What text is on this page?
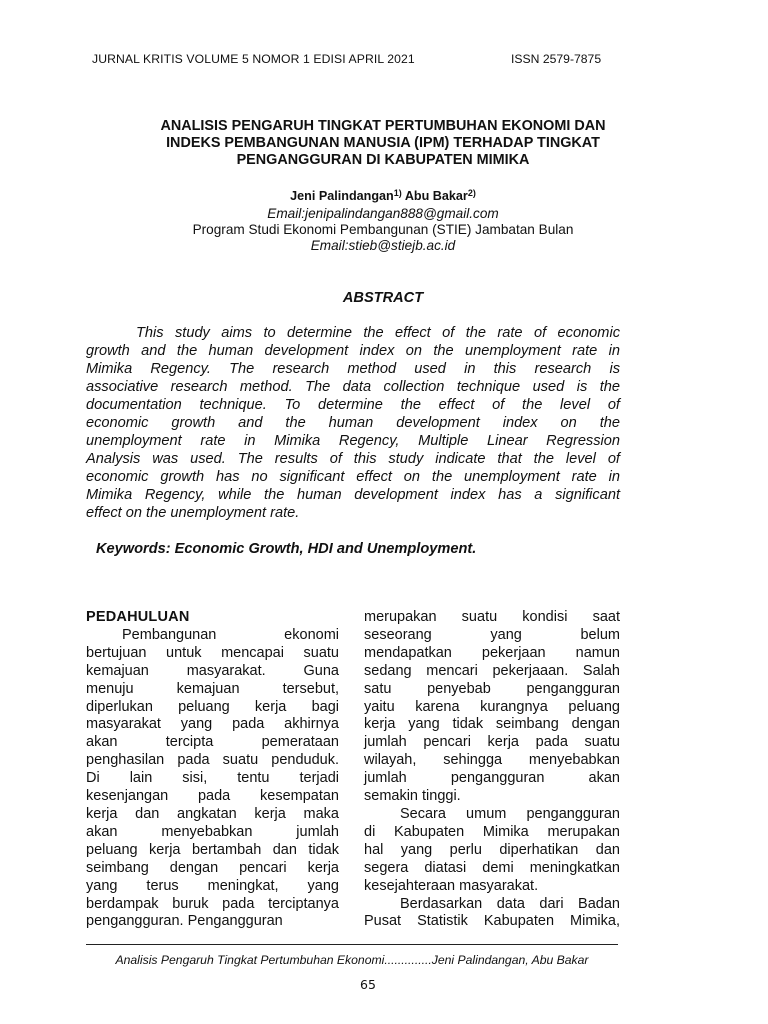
JURNAL KRITIS VOLUME 5 NOMOR 1 EDISI APRIL 2021	ISSN 2579-7875
ANALISIS PENGARUH TINGKAT PERTUMBUHAN EKONOMI DAN
INDEKS PEMBANGUNAN MANUSIA (IPM) TERHADAP TINGKAT
PENGANGGURAN DI KABUPATEN MIMIKA
Jeni Palindangan$^{1)}$ Abu Bakar$^{2)}$
Email:jenipalindangan888@gmail.com
Program Studi Ekonomi Pembangunan (STIE) Jambatan Bulan
Email:stieb@stiejb.ac.id
ABSTRACT
This study aims to determine the effect of the rate of economic
growth and the human development index on the unemployment rate in
Mimika Regency. The research method used in this research is
associative research method. The data collection technique used is the
documentation technique. To determine the effect of the level of
economic growth and the human development index on the
unemployment rate in Mimika Regency, Multiple Linear Regression
Analysis was used. The results of this study indicate that the level of
economic growth has no significant effect on the unemployment rate in
Mimika Regency, while the human development index has a significant
effect on the unemployment rate.
Keywords: Economic Growth, HDI and Unemployment.
PEDAHULUAN
Pembangunan ekonomi
bertujuan untuk mencapai suatu
kemajuan masyarakat. Guna
menuju kemajuan tersebut,
diperlukan peluang kerja bagi
masyarakat yang pada akhirnya
akan tercipta pemerataan
penghasilan pada suatu penduduk.
Di lain sisi, tentu terjadi
kesenjangan pada kesempatan
kerja dan angkatan kerja maka
akan menyebabkan jumlah
peluang kerja bertambah dan tidak
seimbang dengan pencari kerja
yang terus meningkat, yang
berdampak buruk pada terciptanya
pengangguran. Pengangguran
merupakan suatu kondisi saat
seseorang yang belum
mendapatkan pekerjaan namun
sedang mencari pekerjaaan. Salah
satu penyebab pengangguran
yaitu karena kurangnya peluang
kerja yang tidak seimbang dengan
jumlah pencari kerja pada suatu
wilayah, sehingga menyebabkan
jumlah pengangguran akan
semakin tinggi.
Secara umum pengangguran
di Kabupaten Mimika merupakan
hal yang perlu diperhatikan dan
segera diatasi demi meningkatkan
kesejahteraan masyarakat.
Berdasarkan data dari Badan
Pusat Statistik Kabupaten Mimika,
Analisis Pengaruh Tingkat Pertumbuhan Ekonomi..............Jeni Palindangan, Abu Bakar
65
